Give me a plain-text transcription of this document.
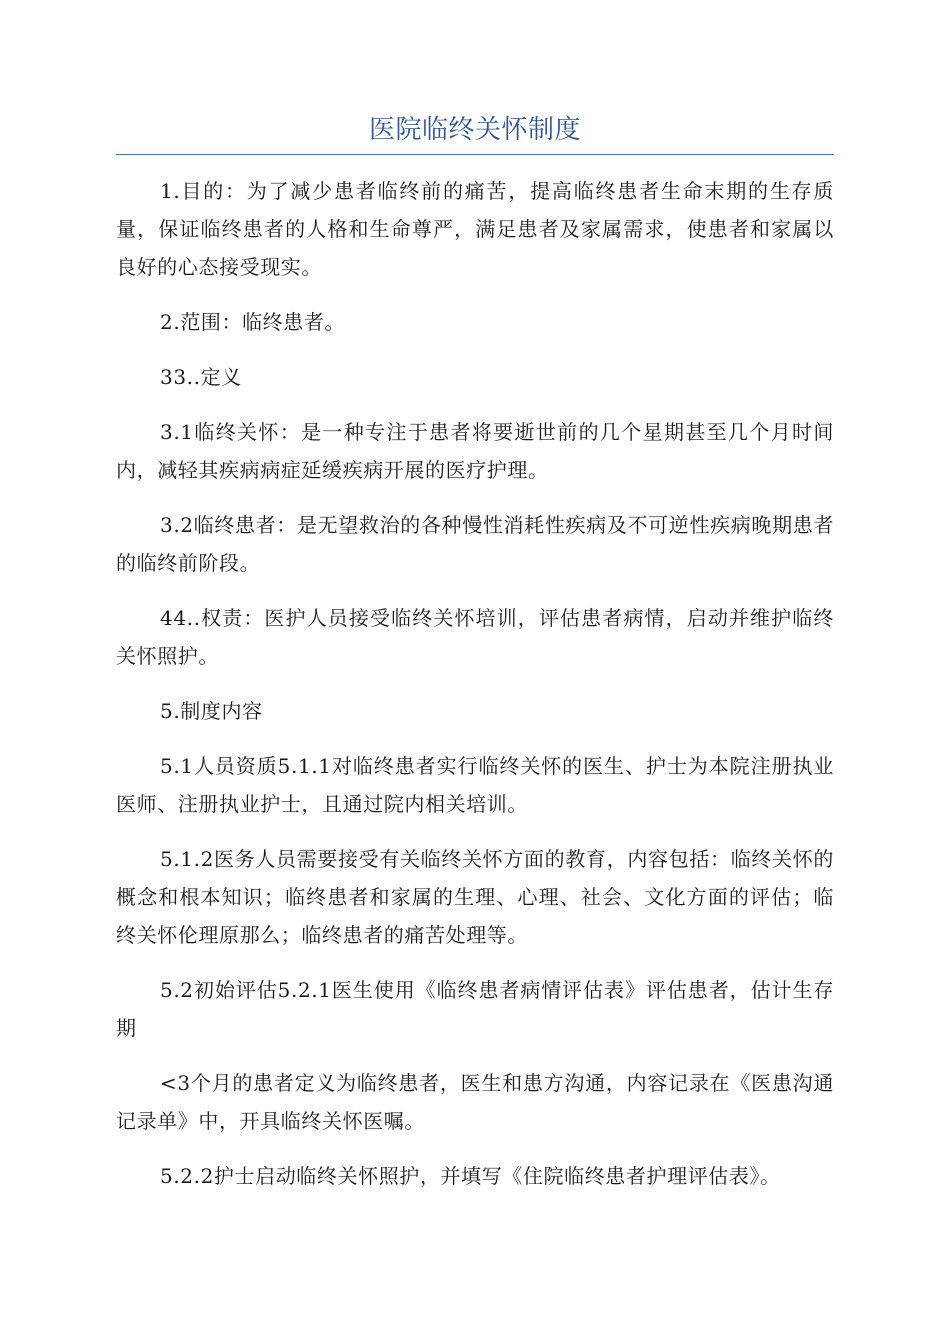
医院临终关怀制度

1.目的：为了减少患者临终前的痛苦，提高临终患者生命末期的生存质量，保证临终患者的人格和生命尊严，满足患者及家属需求，使患者和家属以良好的心态接受现实。

2.范围：临终患者。

33..定义

3.1临终关怀：是一种专注于患者将要逝世前的几个星期甚至几个月时间内，减轻其疾病病症延缓疾病开展的医疗护理。

3.2临终患者：是无望救治的各种慢性消耗性疾病及不可逆性疾病晚期患者的临终前阶段。

44..权责：医护人员接受临终关怀培训，评估患者病情，启动并维护临终关怀照护。

5.制度内容

5.1人员资质5.1.1对临终患者实行临终关怀的医生、护士为本院注册执业医师、注册执业护士，且通过院内相关培训。

5.1.2医务人员需要接受有关临终关怀方面的教育，内容包括：临终关怀的概念和根本知识；临终患者和家属的生理、心理、社会、文化方面的评估；临终关怀伦理原那么；临终患者的痛苦处理等。

5.2初始评估5.2.1医生使用《临终患者病情评估表》评估患者，估计生存期

<3个月的患者定义为临终患者，医生和患方沟通，内容记录在《医患沟通记录单》中，开具临终关怀医嘱。

5.2.2护士启动临终关怀照护，并填写《住院临终患者护理评估表》。
